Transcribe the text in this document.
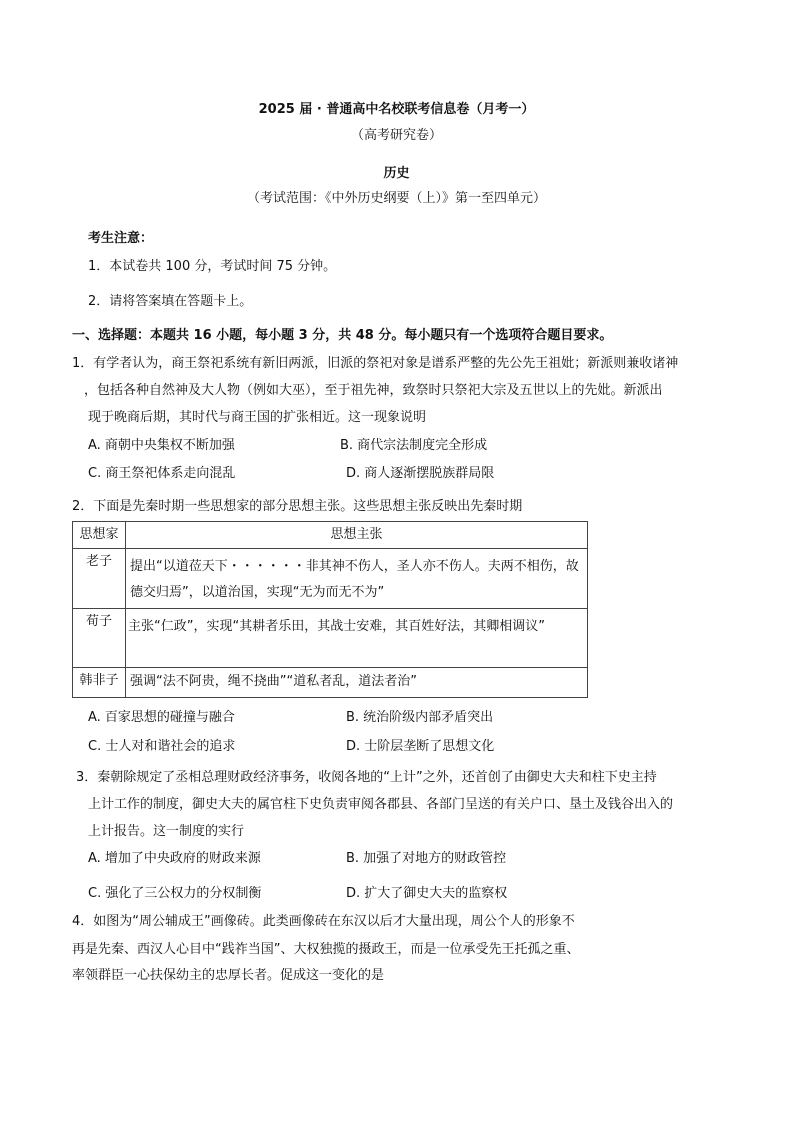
2025 届 · 普通高中名校联考信息卷（月考一）
（高考研究卷）
历史
（考试范围：《中外历史纲要（上）》第一至四单元）
考生注意：
1．本试卷共 100 分，考试时间 75 分钟。
2．请将答案填在答题卡上。
一、选择题：本题共 16 小题，每小题 3 分，共 48 分。每小题只有一个选项符合题目要求。
1．有学者认为，商王祭祀系统有新旧两派，旧派的祭祀对象是谱系严整的先公先王祖妣；新派则兼收诸神
，包括各种自然神及大人物（例如大巫），至于祖先神，致祭时只祭祀大宗及五世以上的先妣。新派出
现于晚商后期，其时代与商王国的扩张相近。这一现象说明
A. 商朝中央集权不断加强	B. 商代宗法制度完全形成
C. 商王祭祀体系走向混乱	D. 商人逐渐摆脱族群局限
2．下面是先秦时期一些思想家的部分思想主张。这些思想主张反映出先秦时期
思想家	思想主张

老子	提出“以道莅天下・・・・・・非其神不伤人，圣人亦不伤人。夫两不相伤，故德交归焉”，以道治国，实现“无为而无不为”

荀子	主张“仁政”，实现“其耕者乐田，其战士安难，其百姓好法，其卿相调议”

韩非子	强调“法不阿贵，绳不挠曲”“道私者乱，道法者治”
A. 百家思想的碰撞与融合	B. 统治阶级内部矛盾突出
C. 士人对和谐社会的追求	D. 士阶层垄断了思想文化
3．秦朝除规定了丞相总理财政经济事务，收阅各地的“上计”之外，还首创了由御史大夫和柱下史主持
上计工作的制度，御史大夫的属官柱下史负责审阅各郡县、各部门呈送的有关户口、垦土及钱谷出入的
上计报告。这一制度的实行
A. 增加了中央政府的财政来源	B. 加强了对地方的财政管控
C. 强化了三公权力的分权制衡	D. 扩大了御史大夫的监察权
4．如图为“周公辅成王”画像砖。此类画像砖在东汉以后才大量出现，周公个人的形象不
再是先秦、西汉人心目中“践祚当国”、大权独揽的摄政王，而是一位承受先王托孤之重、
率领群臣一心扶保幼主的忠厚长者。促成这一变化的是
